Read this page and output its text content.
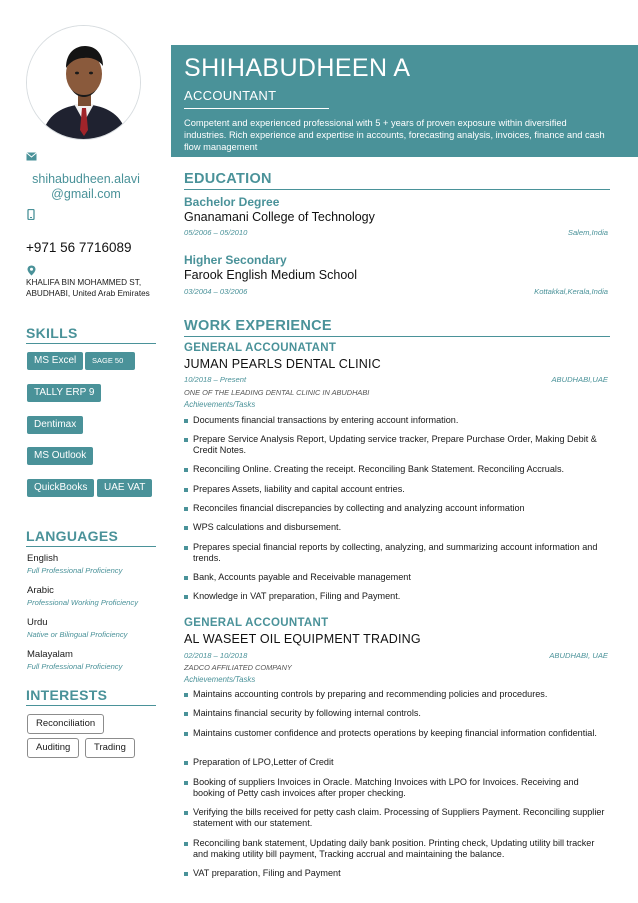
SHIHABUDHEEN A
ACCOUNTANT
Competent and experienced professional with 5 + years of proven exposure within diversified industries. Rich experience and expertise in accounts, forecasting analysis, invoices, finance and cash flow management
shihabudheen.alavi
@gmail.com
+971 56 7716089
KHALIFA BIN MOHAMMED ST, ABUDHABI, United Arab Emirates
SKILLS
MS Excel	SAGE 50
TALLY ERP 9
Dentimax
MS Outlook
QuickBooks	UAE VAT
LANGUAGES
English
Full Professional Proficiency
Arabic
Professional Working Proficiency
Urdu
Native or Bilingual Proficiency
Malayalam
Full Professional Proficiency
INTERESTS
Reconciliation
Auditing	Trading
EDUCATION
Bachelor Degree
Gnanamani College of Technology
05/2006 – 05/2010	Salem,India
Higher Secondary
Farook English Medium School
03/2004 – 03/2006	Kottakkal,Kerala,India
WORK EXPERIENCE
GENERAL ACCOUNATANT
JUMAN PEARLS DENTAL CLINIC
10/2018 – Present	ABUDHABI,UAE
ONE OF THE LEADING DENTAL CLINIC IN ABUDHABI
Achievements/Tasks
Documents financial transactions by entering account information.
Prepare Service Analysis Report, Updating service tracker, Prepare Purchase Order, Making Debit & Credit Notes.
Reconciling Online. Creating the receipt. Reconciling Bank Statement. Reconciling Accruals.
Prepares Assets, liability and capital account entries.
Reconciles financial discrepancies by collecting and analyzing account information
WPS calculations and disbursement.
Prepares special financial reports by collecting, analyzing, and summarizing account information and trends.
Bank, Accounts payable and Receivable management
Knowledge in VAT preparation, Filing and Payment.
GENERAL ACCOUNTANT
AL WASEET OIL EQUIPMENT TRADING
02/2018 – 10/2018	ABUDHABI, UAE
ZADCO AFFILIATED COMPANY
Achievements/Tasks
Maintains accounting controls by preparing and recommending policies and procedures.
Maintains financial security by following internal controls.
Maintains customer confidence and protects operations by keeping financial information confidential.
Preparation of LPO,Letter of Credit
Booking of suppliers Invoices in Oracle. Matching Invoices with LPO for Invoices. Receiving and booking of Petty cash invoices after proper checking.
Verifying the bills received for petty cash claim. Processing of Suppliers Payment. Reconciling supplier statement with our statement.
Reconciling bank statement, Updating daily bank position. Printing check, Updating utility bill tracker and making utility bill payment, Tracking accrual and maintaining the balance.
VAT preparation, Filing and Payment
